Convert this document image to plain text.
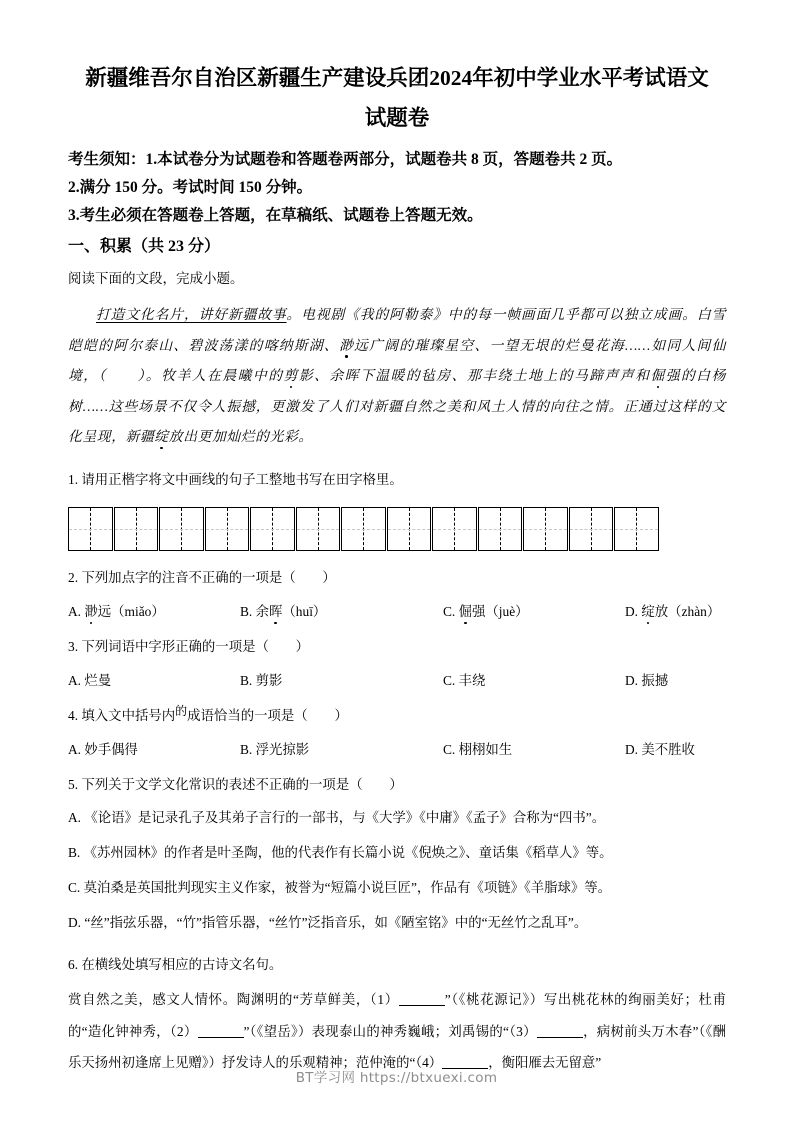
新疆维吾尔自治区新疆生产建设兵团2024年初中学业水平考试语文试题卷
考生须知：1.本试卷分为试题卷和答题卷两部分，试题卷共 8 页，答题卷共 2 页。
2.满分 150 分。考试时间 150 分钟。
3.考生必须在答题卷上答题，在草稿纸、试题卷上答题无效。
一、积累（共 23 分）
阅读下面的文段，完成小题。
打造文化名片，讲好新疆故事。电视剧《我的阿勒泰》中的每一帧画面几乎都可以独立成画。白雪皑皑的阿尔泰山、碧波荡漾的喀纳斯湖、渺远广阔的璀璨星空、一望无垠的烂曼花海……如同人间仙境，（　　）。牧羊人在晨曦中的剪影、余晖下温暖的毡房、那丰绕土地上的马蹄声声和倔强的白杨树……这些场景不仅令人振撼，更激发了人们对新疆自然之美和风土人情的向往之情。正通过这样的文化呈现，新疆绽放出更加灿烂的光彩。
1. 请用正楷字将文中画线的句子工整地书写在田字格里。
2. 下列加点字的注音不正确的一项是（　　）
A. 渺远（miǎo）	B. 余晖（huī）	C. 倔强（juè）	D. 绽放（zhàn）
3. 下列词语中字形正确的一项是（　　）
A. 烂曼	B. 剪影	C. 丰绕	D. 振撼
4. 填入文中括号内的成语恰当的一项是（　　）
A. 妙手偶得	B. 浮光掠影	C. 栩栩如生	D. 美不胜收
5. 下列关于文学文化常识的表述不正确的一项是（　　）
A. 《论语》是记录孔子及其弟子言行的一部书，与《大学》《中庸》《孟子》合称为“四书”。
B. 《苏州园林》的作者是叶圣陶，他的代表作有长篇小说《倪焕之》、童话集《稻草人》等。
C. 莫泊桑是英国批判现实主义作家，被誉为“短篇小说巨匠”，作品有《项链》《羊脂球》等。
D. “丝”指弦乐器，“竹”指管乐器，“丝竹”泛指音乐，如《陋室铭》中的“无丝竹之乱耳”。
6. 在横线处填写相应的古诗文名句。
赏自然之美，感文人情怀。陶渊明的“芳草鲜美，（1）	”（《桃花源记》）写出桃花林的绚丽美好；杜甫的“造化钟神秀，（2）	”（《望岳》）表现泰山的神秀巍峨；刘禹锡的“（3）	，病树前头万木春”（《酬乐天扬州初逢席上见赠》）抒发诗人的乐观精神；范仲淹的“（4）	，衡阳雁去无留意”
BT学习网 https://btxuexi.com
